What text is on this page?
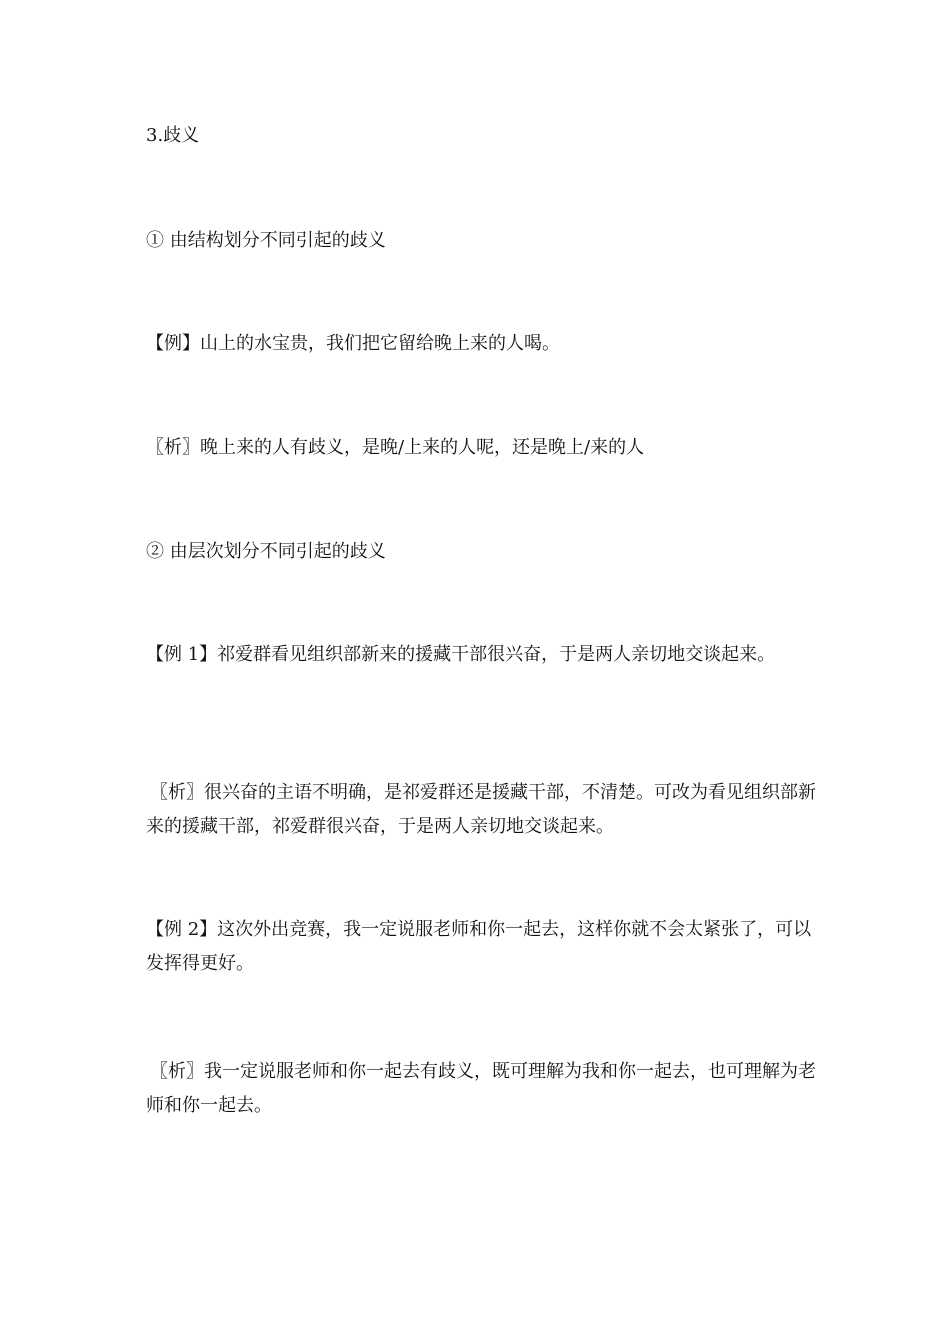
3.歧义

① 由结构划分不同引起的歧义

【例】山上的水宝贵，我们把它留给晚上来的人喝。

〖析〗晚上来的人有歧义，是晚/上来的人呢，还是晚上/来的人

② 由层次划分不同引起的歧义

【例 1】祁爱群看见组织部新来的援藏干部很兴奋，于是两人亲切地交谈起来。

〖析〗很兴奋的主语不明确，是祁爱群还是援藏干部，不清楚。可改为看见组织部新来的援藏干部，祁爱群很兴奋，于是两人亲切地交谈起来。

【例 2】这次外出竞赛，我一定说服老师和你一起去，这样你就不会太紧张了，可以发挥得更好。

〖析〗我一定说服老师和你一起去有歧义，既可理解为我和你一起去，也可理解为老师和你一起去。
